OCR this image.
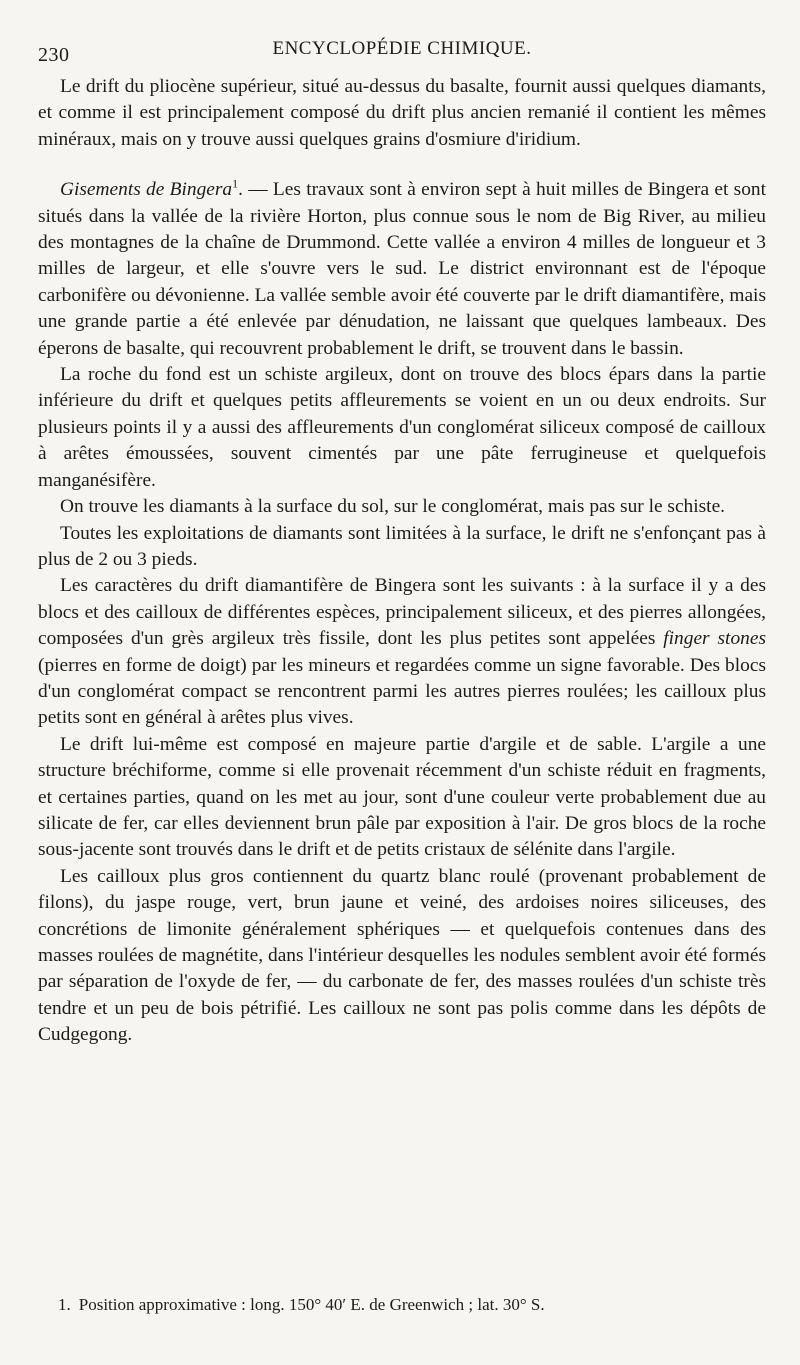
230	ENCYCLOPÉDIE CHIMIQUE.

Le drift du pliocène supérieur, situé au-dessus du basalte, fournit aussi quelques diamants, et comme il est principalement composé du drift plus ancien remanié il contient les mêmes minéraux, mais on y trouve aussi quelques grains d'osmiure d'iridium.

Gisements de Bingera$^1$. — Les travaux sont à environ sept à huit milles de Bingera et sont situés dans la vallée de la rivière Horton, plus connue sous le nom de Big River, au milieu des montagnes de la chaîne de Drummond. Cette vallée a environ 4 milles de longueur et 3 milles de largeur, et elle s'ouvre vers le sud. Le district environnant est de l'époque carbonifère ou dévonienne. La vallée semble avoir été couverte par le drift diamantifère, mais une grande partie a été enlevée par dénudation, ne laissant que quelques lambeaux. Des éperons de basalte, qui recouvrent probablement le drift, se trouvent dans le bassin.

La roche du fond est un schiste argileux, dont on trouve des blocs épars dans la partie inférieure du drift et quelques petits affleurements se voient en un ou deux endroits. Sur plusieurs points il y a aussi des affleurements d'un conglomérat siliceux composé de cailloux à arêtes émoussées, souvent cimentés par une pâte ferrugineuse et quelquefois manganésifère.

On trouve les diamants à la surface du sol, sur le conglomérat, mais pas sur le schiste.

Toutes les exploitations de diamants sont limitées à la surface, le drift ne s'enfonçant pas à plus de 2 ou 3 pieds.

Les caractères du drift diamantifère de Bingera sont les suivants : à la surface il y a des blocs et des cailloux de différentes espèces, principalement siliceux, et des pierres allongées, composées d'un grès argileux très fissile, dont les plus petites sont appelées finger stones (pierres en forme de doigt) par les mineurs et regardées comme un signe favorable. Des blocs d'un conglomérat compact se rencontrent parmi les autres pierres roulées; les cailloux plus petits sont en général à arêtes plus vives.

Le drift lui-même est composé en majeure partie d'argile et de sable. L'argile a une structure bréchiforme, comme si elle provenait récemment d'un schiste réduit en fragments, et certaines parties, quand on les met au jour, sont d'une couleur verte probablement due au silicate de fer, car elles deviennent brun pâle par exposition à l'air. De gros blocs de la roche sous-jacente sont trouvés dans le drift et de petits cristaux de sélénite dans l'argile.

Les cailloux plus gros contiennent du quartz blanc roulé (provenant probablement de filons), du jaspe rouge, vert, brun jaune et veiné, des ardoises noires siliceuses, des concrétions de limonite généralement sphériques — et quelquefois contenues dans des masses roulées de magnétite, dans l'intérieur desquelles les nodules semblent avoir été formés par séparation de l'oxyde de fer, — du carbonate de fer, des masses roulées d'un schiste très tendre et un peu de bois pétrifié. Les cailloux ne sont pas polis comme dans les dépôts de Cudgegong.

1. Position approximative : long. 150° 40′ E. de Greenwich ; lat. 30° S.
